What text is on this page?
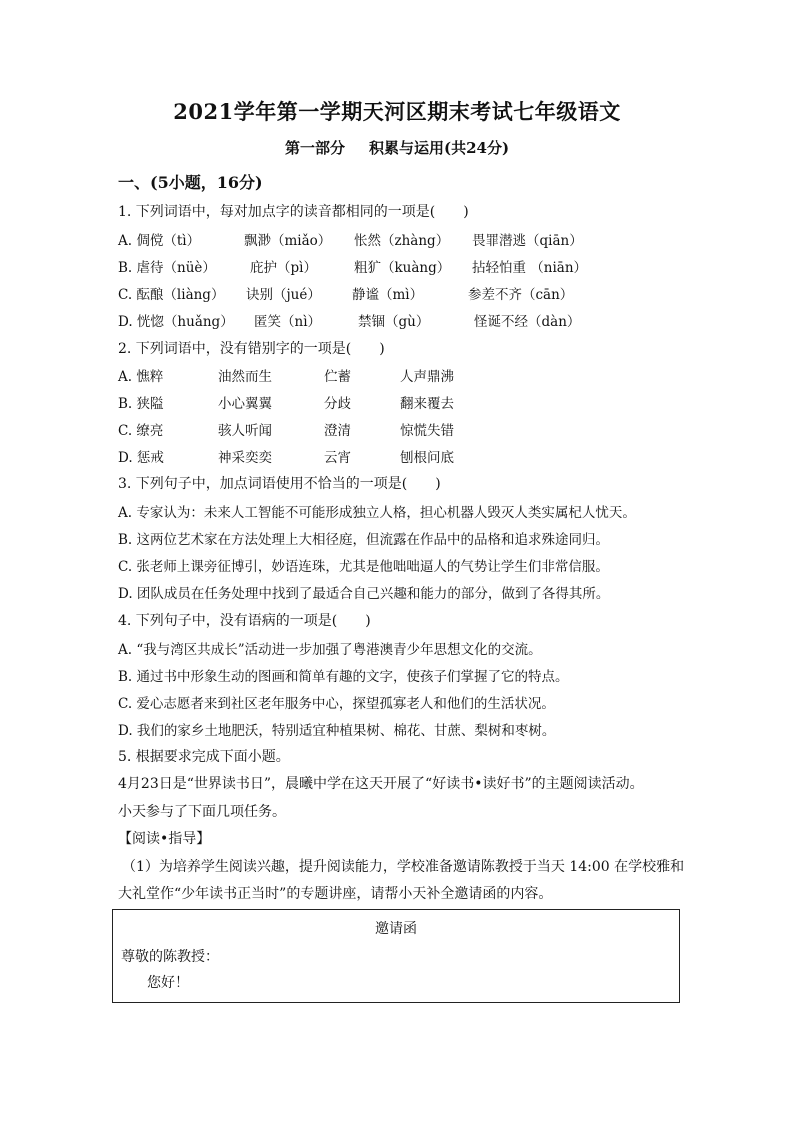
2021学年第一学期天河区期末考试七年级语文
第一部分 积累与运用(共24分)
一、(5小题，16分)
1. 下列词语中，每对加点字的读音都相同的一项是( )
A. 倜傥（tì）	飘渺（miǎo） 怅然（zhàng） 畏罪潜逃（qiān）
B. 虐待（nüè）	庇护（pì）	粗犷（kuàng） 拈轻怕重 （niān）
C. 酝酿（liàng） 诀别（jué） 静谧（mì）	参差不齐（cān）
D. 恍惚（huǎng） 匿笑（nì）	禁锢（gù）	怪诞不经（dàn）
2. 下列词语中，没有错别字的一项是( )
A. 憔粹	油然而生	伫蓄	人声鼎沸
B. 狭隘	小心翼翼	分歧	翻来覆去
C. 缭亮	骇人听闻	澄清	惊慌失错
D. 惩戒	神采奕奕	云宵	刨根问底
3. 下列句子中，加点词语使用不恰当的一项是( )
A. 专家认为：未来人工智能不可能形成独立人格，担心机器人毁灭人类实属杞人忧天。
B. 这两位艺术家在方法处理上大相径庭，但流露在作品中的品格和追求殊途同归。
C. 张老师上课旁征博引，妙语连珠，尤其是他咄咄逼人的气势让学生们非常信服。
D. 团队成员在任务处理中找到了最适合自己兴趣和能力的部分，做到了各得其所。
4. 下列句子中，没有语病的一项是( )
A. “我与湾区共成长”活动进一步加强了粤港澳青少年思想文化的交流。
B. 通过书中形象生动的图画和简单有趣的文字，使孩子们掌握了它的特点。
C. 爱心志愿者来到社区老年服务中心，探望孤寡老人和他们的生活状况。
D. 我们的家乡土地肥沃，特别适宜种植果树、棉花、甘蔗、梨树和枣树。
5. 根据要求完成下面小题。
4月23日是“世界读书日”，晨曦中学在这天开展了“好读书•读好书”的主题阅读活动。
小天参与了下面几项任务。
【阅读•指导】
（1）为培养学生阅读兴趣，提升阅读能力，学校准备邀请陈教授于当天 14:00 在学校雅和
大礼堂作“少年读书正当时”的专题讲座，请帮小天补全邀请函的内容。
邀请函
尊敬的陈教授：
您好！
